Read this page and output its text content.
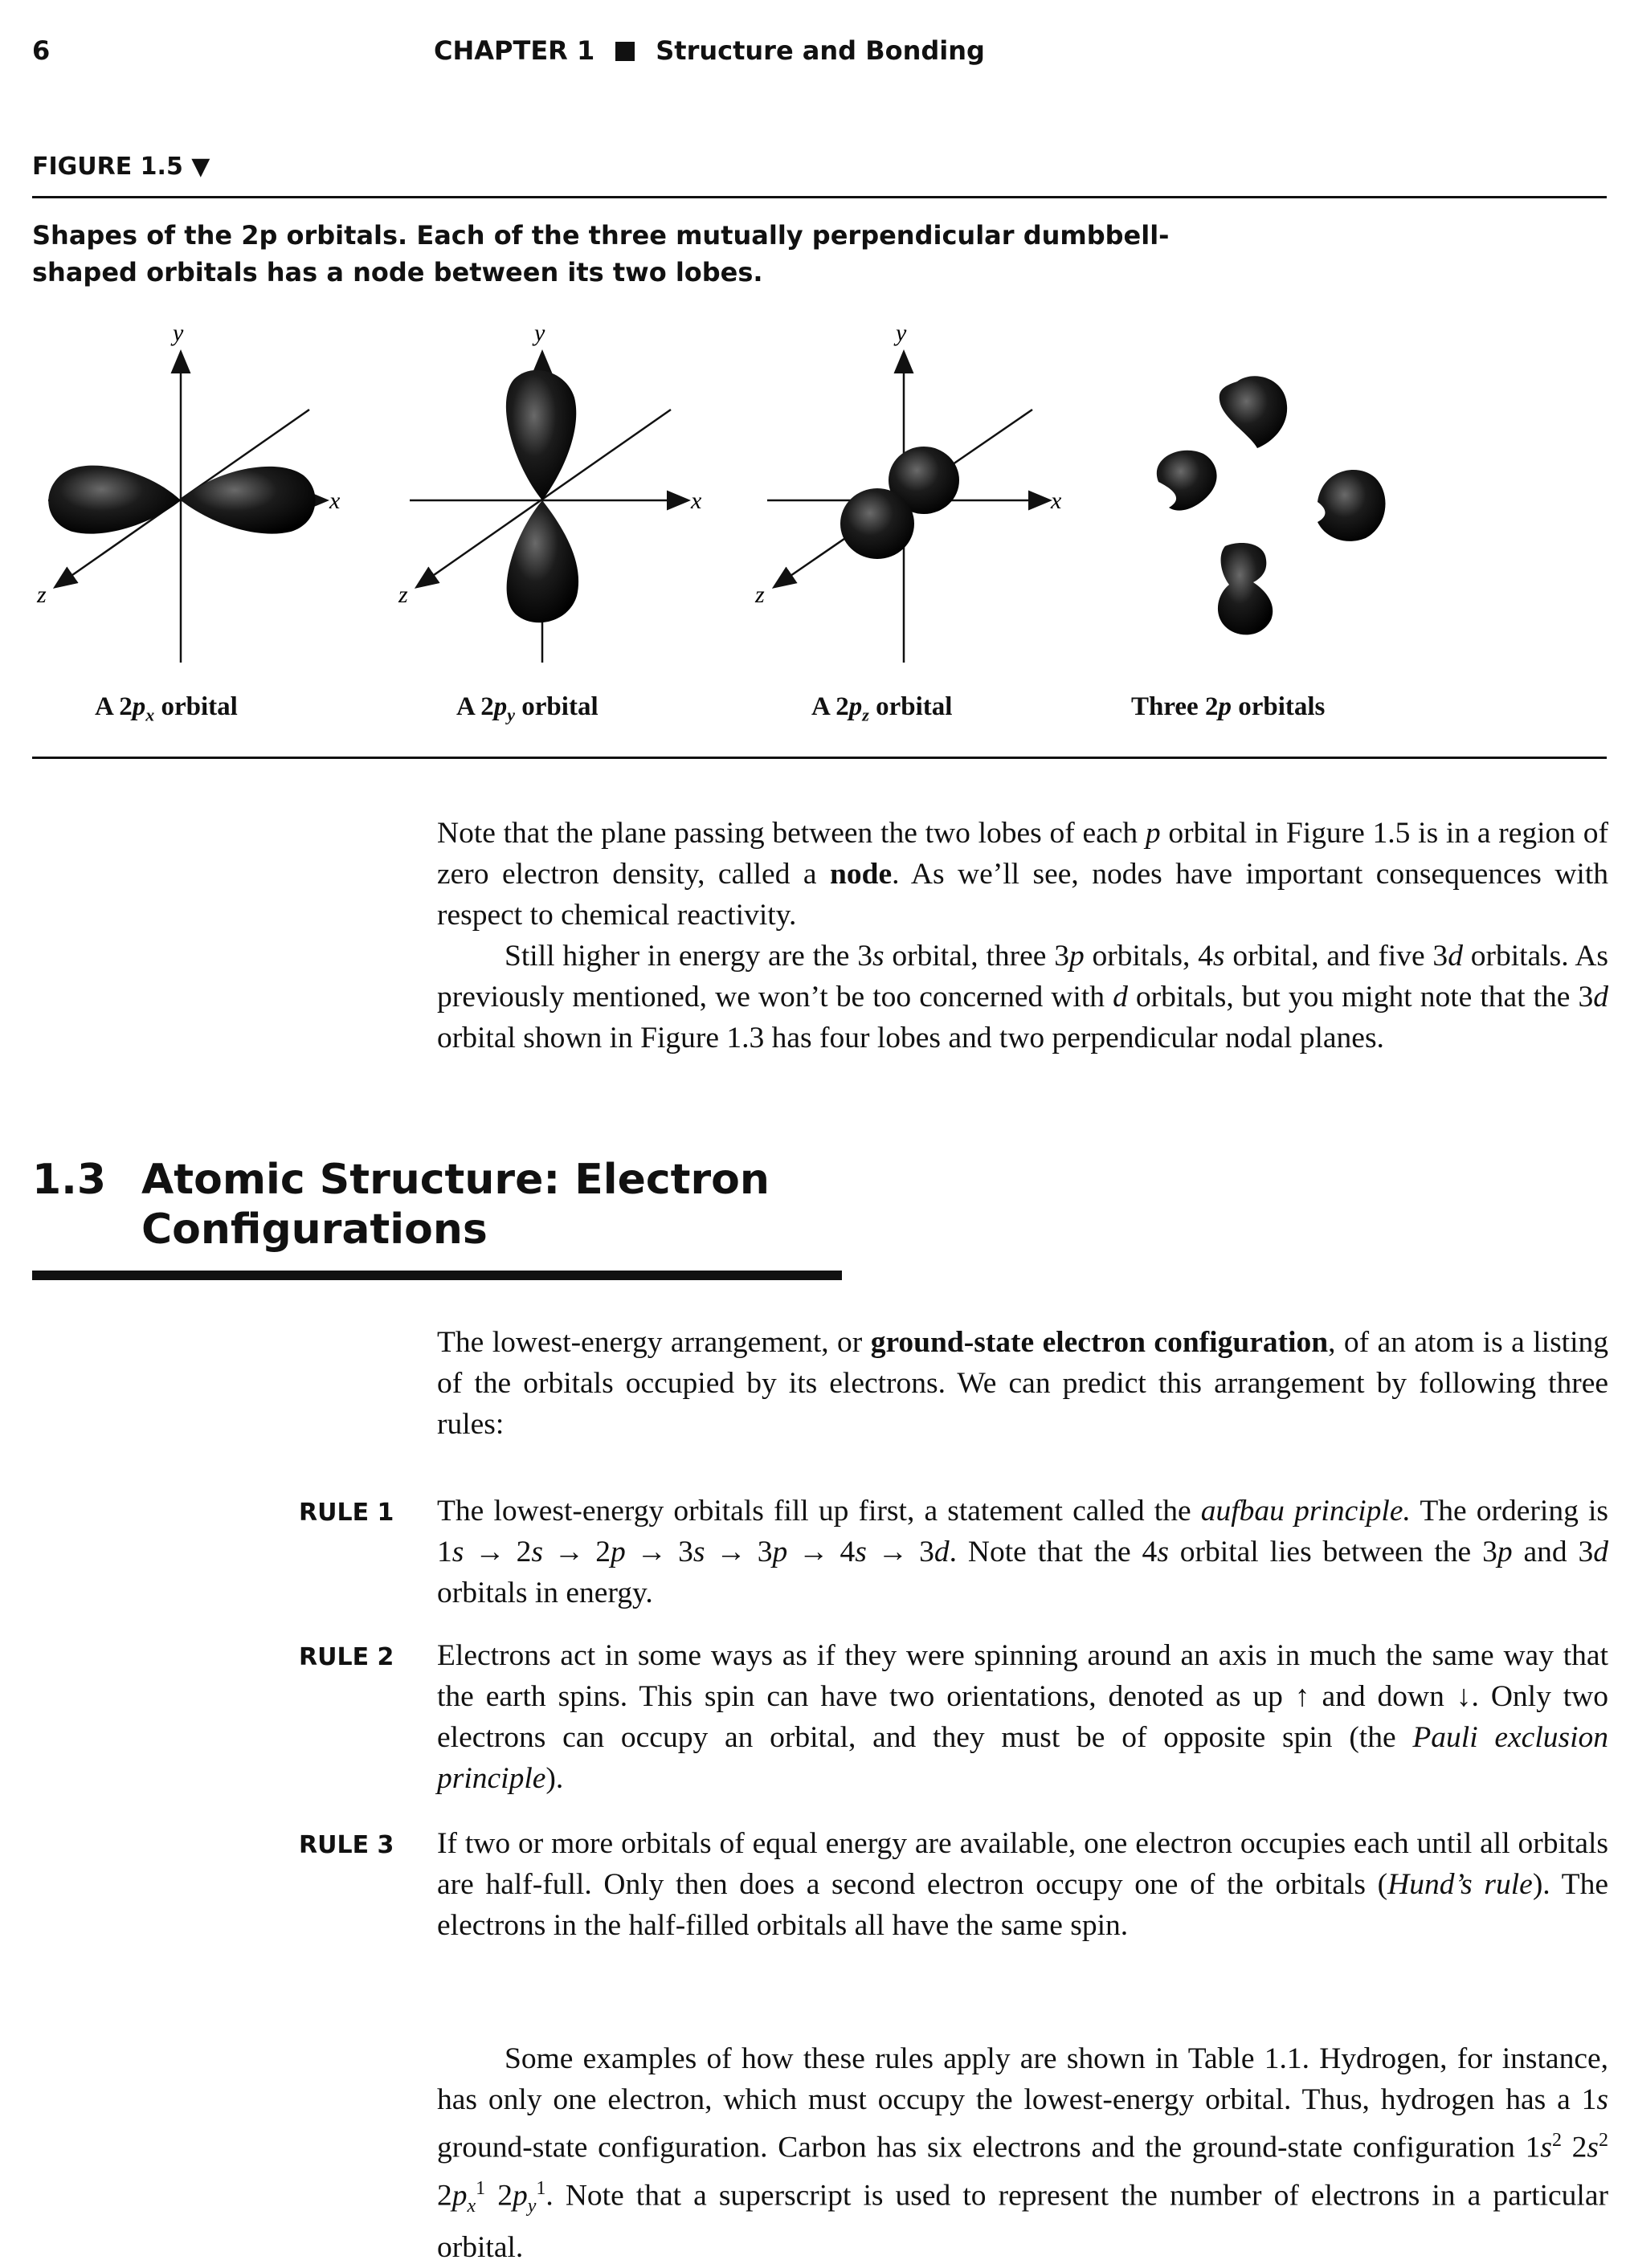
6	CHAPTER 1 Structure and Bonding
FIGURE 1.5 ▼
Shapes of the 2p orbitals. Each of the three mutually perpendicular dumbbell-shaped orbitals has a node between its two lobes.
y
x
z
y
x
z
y
x
z
A $2p_x$ orbital	A $2p_y$ orbital	A $2p_z$ orbital	Three 2p orbitals

Note that the plane passing between the two lobes of each p orbital in Figure 1.5 is in a region of zero electron density, called a node. As we’ll see, nodes have important consequences with respect to chemical reactivity.

Still higher in energy are the 3s orbital, three 3p orbitals, 4s orbital, and five 3d orbitals. As previously mentioned, we won’t be too concerned with d orbitals, but you might note that the 3d orbital shown in Figure 1.3 has four lobes and two perpendicular nodal planes.

1.3 Atomic Structure: Electron Configurations

The lowest-energy arrangement, or ground-state electron configuration, of an atom is a listing of the orbitals occupied by its electrons. We can predict this arrangement by following three rules:

RULE 1 The lowest-energy orbitals fill up first, a statement called the aufbau principle. The ordering is 1s → 2s → 2p → 3s → 3p → 4s → 3d. Note that the 4s orbital lies between the 3p and 3d orbitals in energy.
RULE 2 Electrons act in some ways as if they were spinning around an axis in much the same way that the earth spins. This spin can have two orientations, denoted as up ↑ and down ↓. Only two electrons can occupy an orbital, and they must be of opposite spin (the Pauli exclusion principle).
RULE 3 If two or more orbitals of equal energy are available, one electron occupies each until all orbitals are half-full. Only then does a second electron occupy one of the orbitals (Hund’s rule). The electrons in the half-filled orbitals all have the same spin.

Some examples of how these rules apply are shown in Table 1.1. Hydrogen, for instance, has only one electron, which must occupy the lowest-energy orbital. Thus, hydrogen has a 1s ground-state configuration. Carbon has six electrons and the ground-state configuration $1s^2$ $2s^2$ $2p_x^1$ $2p_y^1$. Note that a superscript is used to represent the number of electrons in a particular orbital.
